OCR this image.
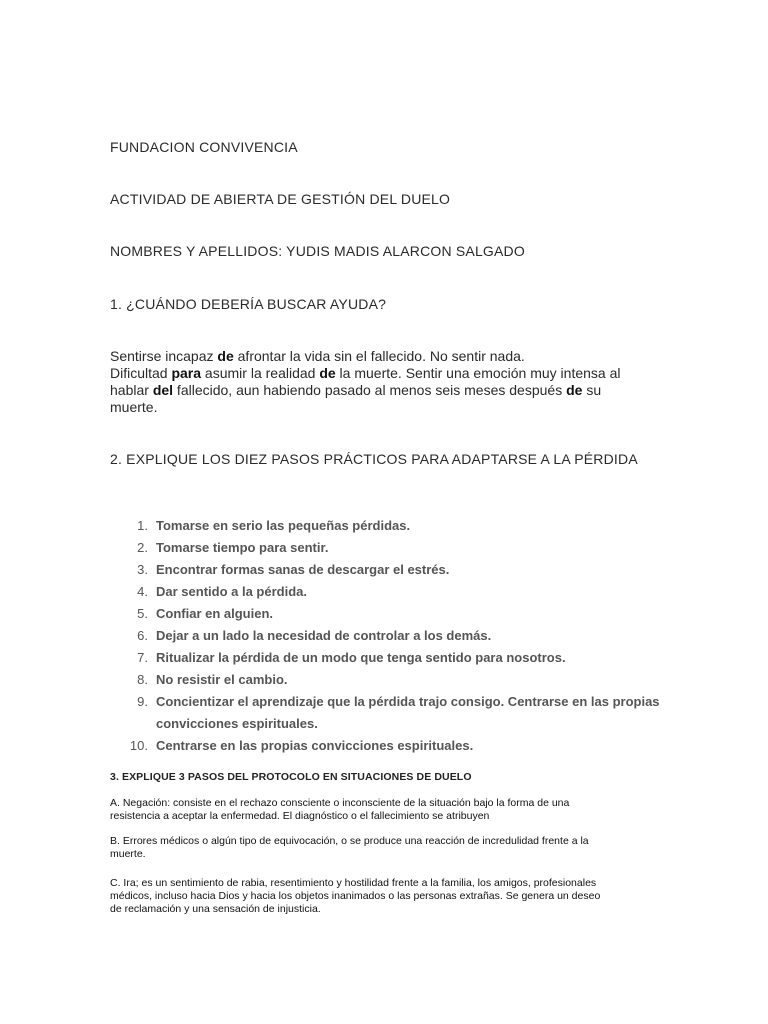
FUNDACION CONVIVENCIA
ACTIVIDAD DE ABIERTA DE GESTIÓN DEL DUELO
NOMBRES Y APELLIDOS: YUDIS MADIS ALARCON SALGADO
1. ¿CUÁNDO DEBERÍA BUSCAR AYUDA?
Sentirse incapaz de afrontar la vida sin el fallecido. No sentir nada.
Dificultad para asumir la realidad de la muerte. Sentir una emoción muy intensa al hablar del fallecido, aun habiendo pasado al menos seis meses después de su muerte.
2. EXPLIQUE LOS DIEZ PASOS PRÁCTICOS PARA ADAPTARSE A LA PÉRDIDA
1. Tomarse en serio las pequeñas pérdidas.
2. Tomarse tiempo para sentir.
3. Encontrar formas sanas de descargar el estrés.
4. Dar sentido a la pérdida.
5. Confiar en alguien.
6. Dejar a un lado la necesidad de controlar a los demás.
7. Ritualizar la pérdida de un modo que tenga sentido para nosotros.
8. No resistir el cambio.
9. Concientizar el aprendizaje que la pérdida trajo consigo. Centrarse en las propias convicciones espirituales.
10. Centrarse en las propias convicciones espirituales.
3. EXPLIQUE 3 PASOS DEL PROTOCOLO EN SITUACIONES DE DUELO
A. Negación: consiste en el rechazo consciente o inconsciente de la situación bajo la forma de una resistencia a aceptar la enfermedad. El diagnóstico o el fallecimiento se atribuyen
B. Errores médicos o algún tipo de equivocación, o se produce una reacción de incredulidad frente a la muerte.
C. Ira; es un sentimiento de rabia, resentimiento y hostilidad frente a la familia, los amigos, profesionales médicos, incluso hacia Dios y hacia los objetos inanimados o las personas extrañas. Se genera un deseo de reclamación y una sensación de injusticia.
